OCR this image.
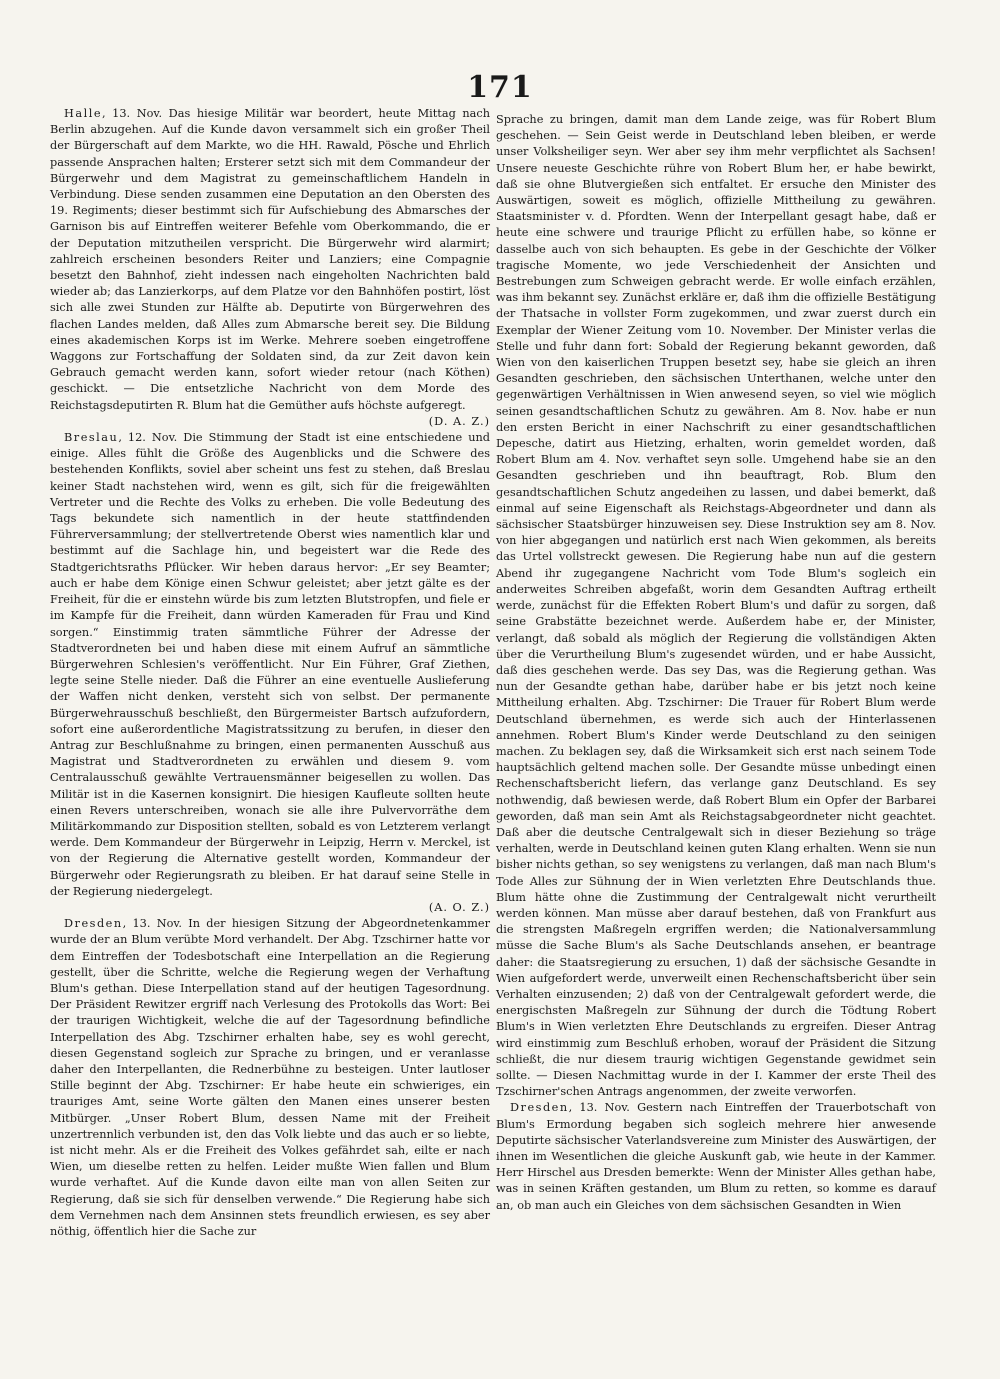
171

Halle, 13. Nov. Das hiesige Militär war beordert, heute Mittag nach Berlin abzugehen. Auf die Kunde davon versammelt sich ein großer Theil der Bürgerschaft auf dem Markte, wo die HH. Rawald, Pösche und Ehrlich passende Ansprachen halten; Ersterer setzt sich mit dem Commandeur der Bürgerwehr und dem Magistrat zu gemeinschaftlichem Handeln in Verbindung. Diese senden zusammen eine Deputation an den Obersten des 19. Regiments; dieser bestimmt sich für Aufschiebung des Abmarsches der Garnison bis auf Eintreffen weiterer Befehle vom Oberkommando, die er der Deputation mitzutheilen verspricht. Die Bürgerwehr wird alarmirt; zahlreich erscheinen besonders Reiter und Lanziers; eine Compagnie besetzt den Bahnhof, zieht indessen nach eingeholten Nachrichten bald wieder ab; das Lanzierkorps, auf dem Platze vor den Bahnhöfen postirt, löst sich alle zwei Stunden zur Hälfte ab. Deputirte von Bürgerwehren des flachen Landes melden, daß Alles zum Abmarsche bereit sey. Die Bildung eines akademischen Korps ist im Werke. Mehrere soeben eingetroffene Waggons zur Fortschaffung der Soldaten sind, da zur Zeit davon kein Gebrauch gemacht werden kann, sofort wieder retour (nach Köthen) geschickt. — Die entsetzliche Nachricht von dem Morde des Reichstagsdeputirten R. Blum hat die Gemüther aufs höchste aufgeregt.

(D. A. Z.)

Breslau, 12. Nov. Die Stimmung der Stadt ist eine entschiedene und einige. Alles fühlt die Größe des Augenblicks und die Schwere des bestehenden Konflikts, soviel aber scheint uns fest zu stehen, daß Breslau keiner Stadt nachstehen wird, wenn es gilt, sich für die freigewählten Vertreter und die Rechte des Volks zu erheben. Die volle Bedeutung des Tags bekundete sich namentlich in der heute stattfindenden Führerversammlung; der stellvertretende Oberst wies namentlich klar und bestimmt auf die Sachlage hin, und begeistert war die Rede des Stadtgerichtsraths Pflücker. Wir heben daraus hervor: „Er sey Beamter; auch er habe dem Könige einen Schwur geleistet; aber jetzt gälte es der Freiheit, für die er einstehn würde bis zum letzten Blutstropfen, und fiele er im Kampfe für die Freiheit, dann würden Kameraden für Frau und Kind sorgen.“ Einstimmig traten sämmtliche Führer der Adresse der Stadtverordneten bei und haben diese mit einem Aufruf an sämmtliche Bürgerwehren Schlesien's veröffentlicht. Nur Ein Führer, Graf Ziethen, legte seine Stelle nieder. Daß die Führer an eine eventuelle Auslieferung der Waffen nicht denken, versteht sich von selbst. Der permanente Bürgerwehrausschuß beschließt, den Bürgermeister Bartsch aufzufordern, sofort eine außerordentliche Magistratssitzung zu berufen, in dieser den Antrag zur Beschlußnahme zu bringen, einen permanenten Ausschuß aus Magistrat und Stadtverordneten zu erwählen und diesem 9. vom Centralausschuß gewählte Vertrauensmänner beigesellen zu wollen. Das Militär ist in die Kasernen konsignirt. Die hiesigen Kaufleute sollten heute einen Revers unterschreiben, wonach sie alle ihre Pulvervorräthe dem Militärkommando zur Disposition stellten, sobald es von Letzterem verlangt werde. Dem Kommandeur der Bürgerwehr in Leipzig, Herrn v. Merckel, ist von der Regierung die Alternative gestellt worden, Kommandeur der Bürgerwehr oder Regierungsrath zu bleiben. Er hat darauf seine Stelle in der Regierung niedergelegt.

(A. O. Z.)

Dresden, 13. Nov. In der hiesigen Sitzung der Abgeordnetenkammer wurde der an Blum verübte Mord verhandelt. Der Abg. Tzschirner hatte vor dem Eintreffen der Todesbotschaft eine Interpellation an die Regierung gestellt, über die Schritte, welche die Regierung wegen der Verhaftung Blum's gethan. Diese Interpellation stand auf der heutigen Tagesordnung. Der Präsident Rewitzer ergriff nach Verlesung des Protokolls das Wort: Bei der traurigen Wichtigkeit, welche die auf der Tagesordnung befindliche Interpellation des Abg. Tzschirner erhalten habe, sey es wohl gerecht, diesen Gegenstand sogleich zur Sprache zu bringen, und er veranlasse daher den Interpellanten, die Rednerbühne zu besteigen. Unter lautloser Stille beginnt der Abg. Tzschirner: Er habe heute ein schwieriges, ein trauriges Amt, seine Worte gälten den Manen eines unserer besten Mitbürger. „Unser Robert Blum, dessen Name mit der Freiheit unzertrennlich verbunden ist, den das Volk liebte und das auch er so liebte, ist nicht mehr. Als er die Freiheit des Volkes gefährdet sah, eilte er nach Wien, um dieselbe retten zu helfen. Leider mußte Wien fallen und Blum wurde verhaftet. Auf die Kunde davon eilte man von allen Seiten zur Regierung, daß sie sich für denselben verwende.“ Die Regierung habe sich dem Vernehmen nach dem Ansinnen stets freundlich erwiesen, es sey aber nöthig, öffentlich hier die Sache zur

Sprache zu bringen, damit man dem Lande zeige, was für Robert Blum geschehen. — Sein Geist werde in Deutschland leben bleiben, er werde unser Volksheiliger seyn. Wer aber sey ihm mehr verpflichtet als Sachsen! Unsere neueste Geschichte rühre von Robert Blum her, er habe bewirkt, daß sie ohne Blutvergießen sich entfaltet. Er ersuche den Minister des Auswärtigen, soweit es möglich, offizielle Mittheilung zu gewähren. Staatsminister v. d. Pfordten. Wenn der Interpellant gesagt habe, daß er heute eine schwere und traurige Pflicht zu erfüllen habe, so könne er dasselbe auch von sich behaupten. Es gebe in der Geschichte der Völker tragische Momente, wo jede Verschiedenheit der Ansichten und Bestrebungen zum Schweigen gebracht werde. Er wolle einfach erzählen, was ihm bekannt sey. Zunächst erkläre er, daß ihm die offizielle Bestätigung der Thatsache in vollster Form zugekommen, und zwar zuerst durch ein Exemplar der Wiener Zeitung vom 10. November. Der Minister verlas die Stelle und fuhr dann fort: Sobald der Regierung bekannt geworden, daß Wien von den kaiserlichen Truppen besetzt sey, habe sie gleich an ihren Gesandten geschrieben, den sächsischen Unterthanen, welche unter den gegenwärtigen Verhältnissen in Wien anwesend seyen, so viel wie möglich seinen gesandtschaftlichen Schutz zu gewähren. Am 8. Nov. habe er nun den ersten Bericht in einer Nachschrift zu einer gesandtschaftlichen Depesche, datirt aus Hietzing, erhalten, worin gemeldet worden, daß Robert Blum am 4. Nov. verhaftet seyn solle. Umgehend habe sie an den Gesandten geschrieben und ihn beauftragt, Rob. Blum den gesandtschaftlichen Schutz angedeihen zu lassen, und dabei bemerkt, daß einmal auf seine Eigenschaft als Reichstags-Abgeordneter und dann als sächsischer Staatsbürger hinzuweisen sey. Diese Instruktion sey am 8. Nov. von hier abgegangen und natürlich erst nach Wien gekommen, als bereits das Urtel vollstreckt gewesen. Die Regierung habe nun auf die gestern Abend ihr zugegangene Nachricht vom Tode Blum's sogleich ein anderweites Schreiben abgefaßt, worin dem Gesandten Auftrag ertheilt werde, zunächst für die Effekten Robert Blum's und dafür zu sorgen, daß seine Grabstätte bezeichnet werde. Außerdem habe er, der Minister, verlangt, daß sobald als möglich der Regierung die vollständigen Akten über die Verurtheilung Blum's zugesendet würden, und er habe Aussicht, daß dies geschehen werde. Das sey Das, was die Regierung gethan. Was nun der Gesandte gethan habe, darüber habe er bis jetzt noch keine Mittheilung erhalten. Abg. Tzschirner: Die Trauer für Robert Blum werde Deutschland übernehmen, es werde sich auch der Hinterlassenen annehmen. Robert Blum's Kinder werde Deutschland zu den seinigen machen. Zu beklagen sey, daß die Wirksamkeit sich erst nach seinem Tode hauptsächlich geltend machen solle. Der Gesandte müsse unbedingt einen Rechenschaftsbericht liefern, das verlange ganz Deutschland. Es sey nothwendig, daß bewiesen werde, daß Robert Blum ein Opfer der Barbarei geworden, daß man sein Amt als Reichstagsabgeordneter nicht geachtet. Daß aber die deutsche Centralgewalt sich in dieser Beziehung so träge verhalten, werde in Deutschland keinen guten Klang erhalten. Wenn sie nun bisher nichts gethan, so sey wenigstens zu verlangen, daß man nach Blum's Tode Alles zur Sühnung der in Wien verletzten Ehre Deutschlands thue. Blum hätte ohne die Zustimmung der Centralgewalt nicht verurtheilt werden können. Man müsse aber darauf bestehen, daß von Frankfurt aus die strengsten Maßregeln ergriffen werden; die Nationalversammlung müsse die Sache Blum's als Sache Deutschlands ansehen, er beantrage daher: die Staatsregierung zu ersuchen, 1) daß der sächsische Gesandte in Wien aufgefordert werde, unverweilt einen Rechenschaftsbericht über sein Verhalten einzusenden; 2) daß von der Centralgewalt gefordert werde, die energischsten Maßregeln zur Sühnung der durch die Tödtung Robert Blum's in Wien verletzten Ehre Deutschlands zu ergreifen. Dieser Antrag wird einstimmig zum Beschluß erhoben, worauf der Präsident die Sitzung schließt, die nur diesem traurig wichtigen Gegenstande gewidmet sein sollte. — Diesen Nachmittag wurde in der I. Kammer der erste Theil des Tzschirner'schen Antrags angenommen, der zweite verworfen.

Dresden, 13. Nov. Gestern nach Eintreffen der Trauerbotschaft von Blum's Ermordung begaben sich sogleich mehrere hier anwesende Deputirte sächsischer Vaterlandsvereine zum Minister des Auswärtigen, der ihnen im Wesentlichen die gleiche Auskunft gab, wie heute in der Kammer. Herr Hirschel aus Dresden bemerkte: Wenn der Minister Alles gethan habe, was in seinen Kräften gestanden, um Blum zu retten, so komme es darauf an, ob man auch ein Gleiches von dem sächsischen Gesandten in Wien
